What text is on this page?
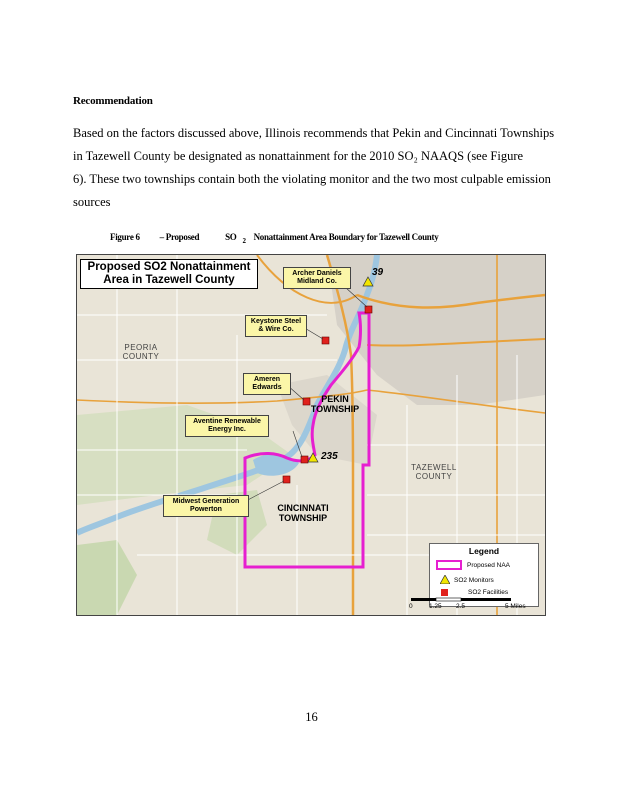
Recommendation

Based on the factors discussed above, Illinois recommends that Pekin and Cincinnati Townships

in Tazewell County be designated as nonattainment for the 2010 SO₂ NAAQS (see Figure

6). These two townships contain both the violating monitor and the two most culpable emission

sources

Figure 6 – Proposed	SO 2 Nonattainment Area Boundary for Tazewell County
Proposed SO2 Nonattainment
Area in Tazewell County
Archer Daniels Midland Co.
Keystone Steel & Wire Co.
Ameren Edwards
Aventine Renewable Energy Inc.
Midwest Generation Powerton
39
235
PEKIN TOWNSHIP
CINCINNATI TOWNSHIP
PEORIA COUNTY
TAZEWELL COUNTY
Legend
Proposed NAA
SO2 Monitors
SO2 Facilities
0	1.25 2.5	5 Miles
16
